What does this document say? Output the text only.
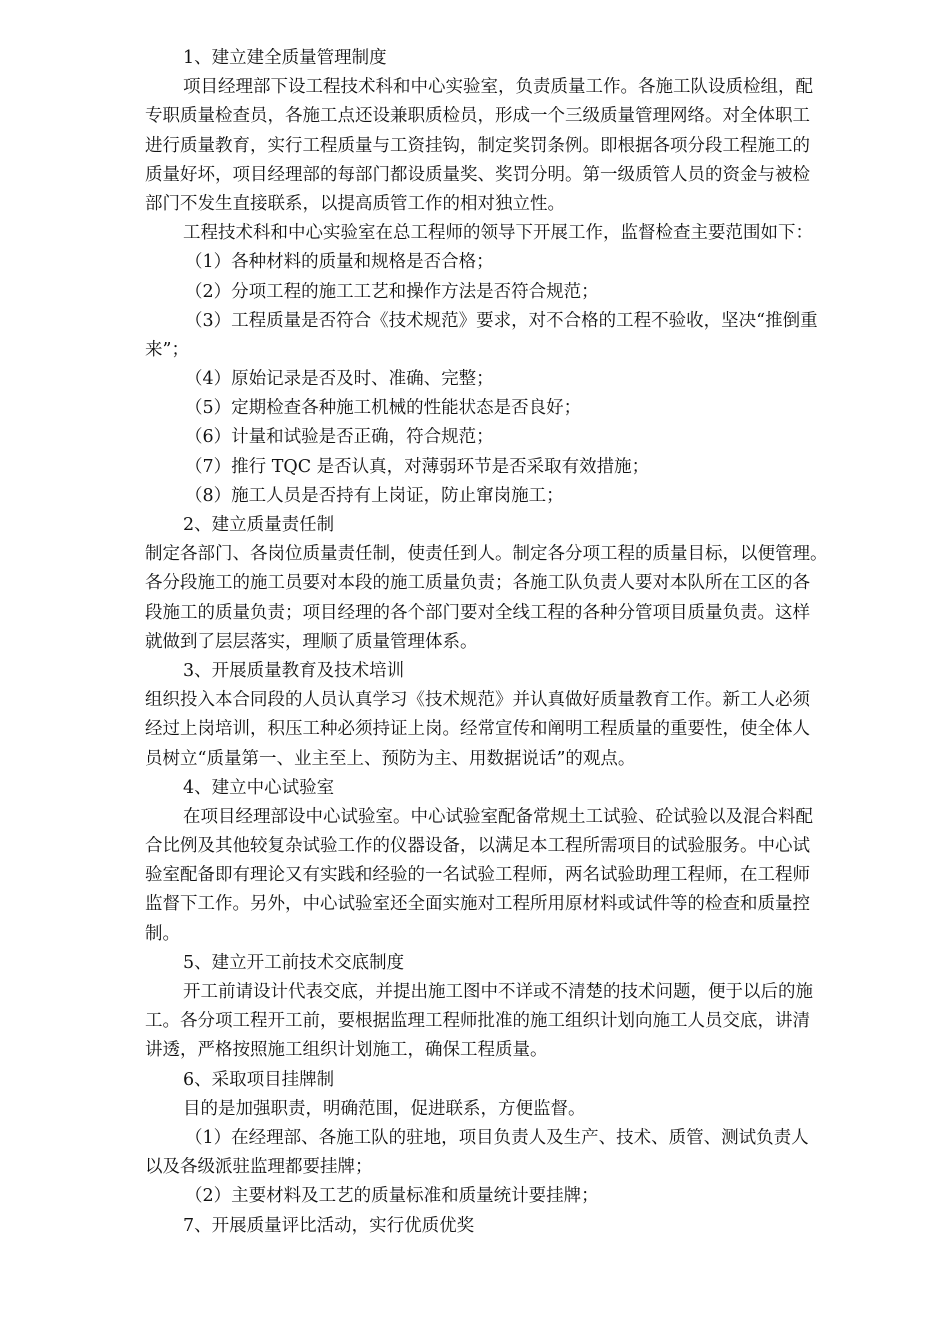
1、建立建全质量管理制度
项目经理部下设工程技术科和中心实验室，负责质量工作。各施工队设质检组，配
专职质量检查员，各施工点还设兼职质检员，形成一个三级质量管理网络。对全体职工
进行质量教育，实行工程质量与工资挂钩，制定奖罚条例。即根据各项分段工程施工的
质量好坏，项目经理部的每部门都设质量奖、奖罚分明。第一级质管人员的资金与被检
部门不发生直接联系，以提高质管工作的相对独立性。
工程技术科和中心实验室在总工程师的领导下开展工作，监督检查主要范围如下：
（1）各种材料的质量和规格是否合格；
（2）分项工程的施工工艺和操作方法是否符合规范；
（3）工程质量是否符合《技术规范》要求，对不合格的工程不验收，坚决“推倒重
来”；
（4）原始记录是否及时、准确、完整；
（5）定期检查各种施工机械的性能状态是否良好；
（6）计量和试验是否正确，符合规范；
（7）推行 TQC 是否认真，对薄弱环节是否采取有效措施；
（8）施工人员是否持有上岗证，防止窜岗施工；
2、建立质量责任制
制定各部门、各岗位质量责任制，使责任到人。制定各分项工程的质量目标，以便管理。
各分段施工的施工员要对本段的施工质量负责；各施工队负责人要对本队所在工区的各
段施工的质量负责；项目经理的各个部门要对全线工程的各种分管项目质量负责。这样
就做到了层层落实，理顺了质量管理体系。
3、开展质量教育及技术培训
组织投入本合同段的人员认真学习《技术规范》并认真做好质量教育工作。新工人必须
经过上岗培训，积压工种必须持证上岗。经常宣传和阐明工程质量的重要性，使全体人
员树立“质量第一、业主至上、预防为主、用数据说话”的观点。
4、建立中心试验室
在项目经理部设中心试验室。中心试验室配备常规土工试验、砼试验以及混合料配
合比例及其他较复杂试验工作的仪器设备，以满足本工程所需项目的试验服务。中心试
验室配备即有理论又有实践和经验的一名试验工程师，两名试验助理工程师，在工程师
监督下工作。另外，中心试验室还全面实施对工程所用原材料或试件等的检查和质量控
制。
5、建立开工前技术交底制度
开工前请设计代表交底，并提出施工图中不详或不清楚的技术问题，便于以后的施
工。各分项工程开工前，要根据监理工程师批准的施工组织计划向施工人员交底，讲清
讲透，严格按照施工组织计划施工，确保工程质量。
6、采取项目挂牌制
目的是加强职责，明确范围，促进联系，方便监督。
（1）在经理部、各施工队的驻地，项目负责人及生产、技术、质管、测试负责人
以及各级派驻监理都要挂牌；
（2）主要材料及工艺的质量标准和质量统计要挂牌；
7、开展质量评比活动，实行优质优奖
